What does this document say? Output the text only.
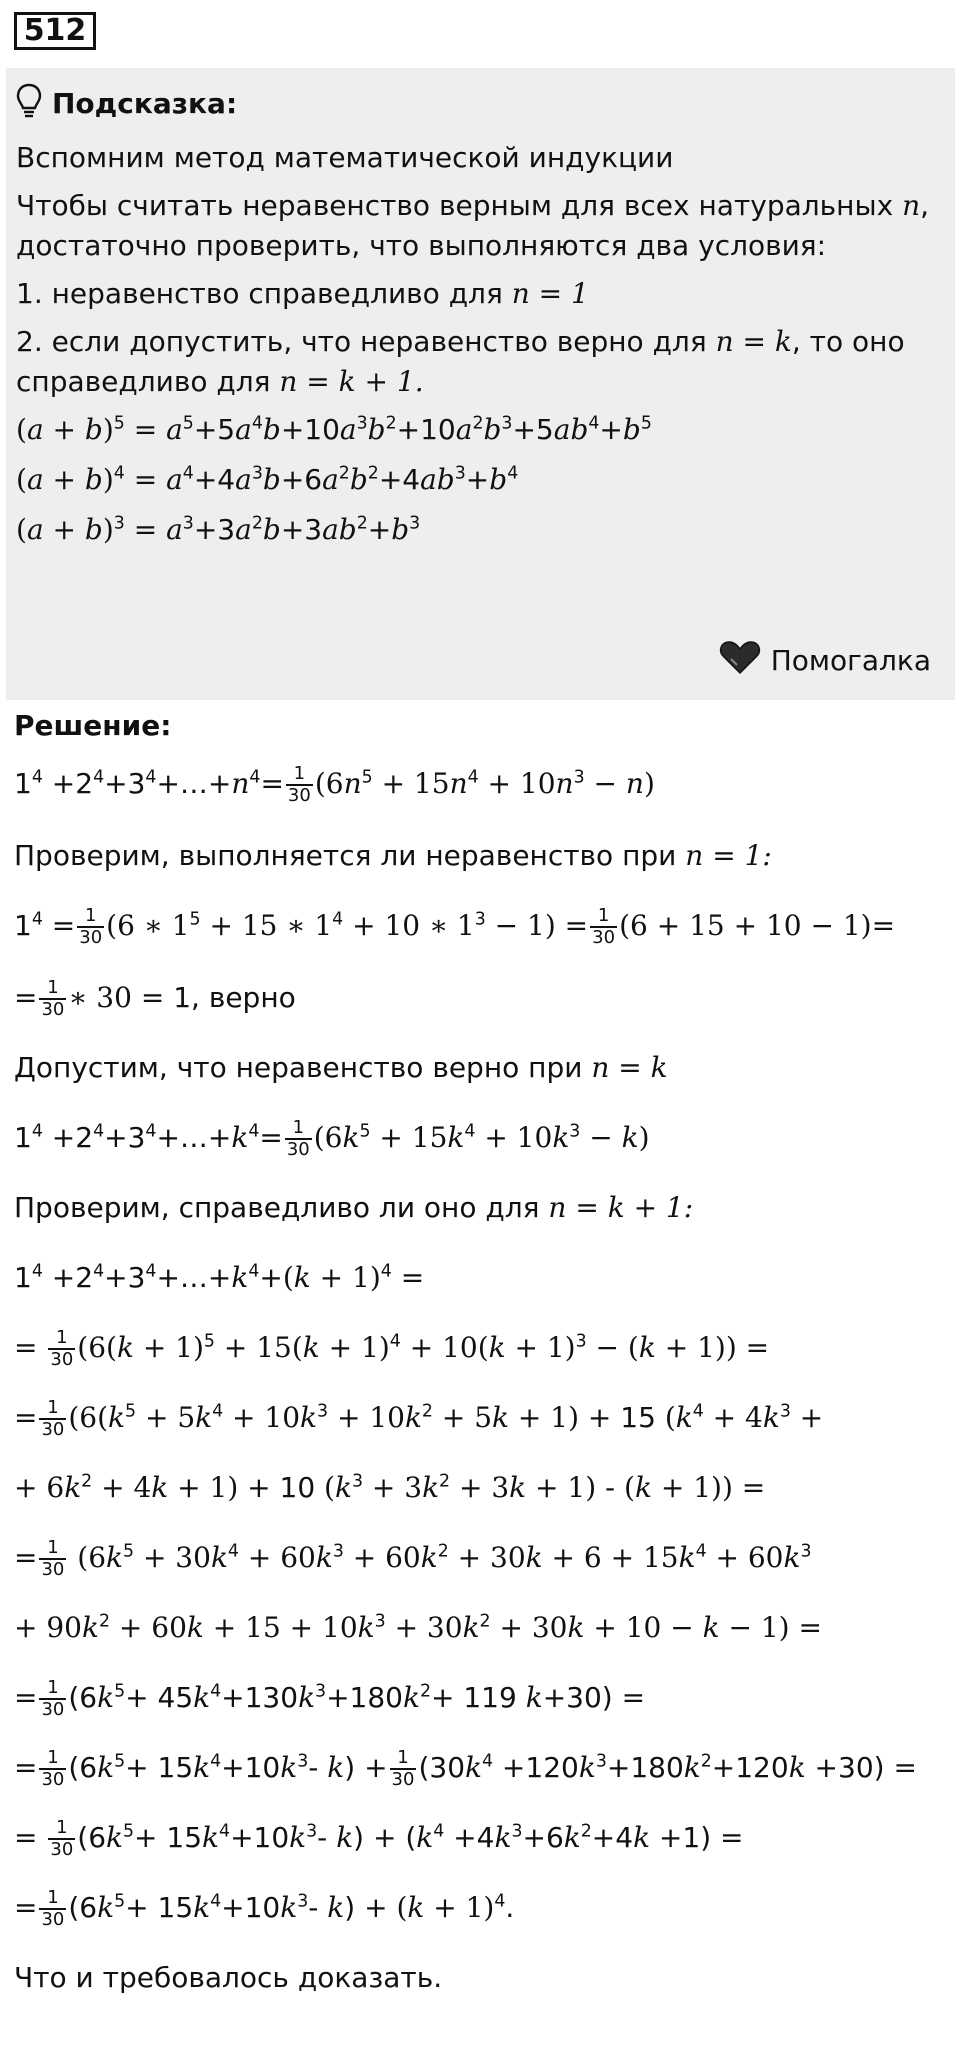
512
Подсказка:
Вспомним метод математической индукции
Чтобы считать неравенство верным для всех натуральных n,
достаточно проверить, что выполняются два условия:
1. неравенство справедливо для n = 1
2. если допустить, что неравенство верно для n = k, то оно
справедливо для n = k + 1.
$(a + b)^5 = a^5+5a^4b+10a^3b^2+10a^2b^3+5ab^4+b^5$
$(a + b)^4 = a^4+4a^3b+6a^2b^2+4ab^3+b^4$
$(a + b)^3 = a^3+3a^2b+3ab^2+b^3$
Помогалка
Решение:
$1^4$ $+2^4+3^4+\dots+n^4= \frac{1}{30} (6n^5 + 15n^4 + 10n^3 - n)$
Проверим, выполняется ли неравенство при n = 1:
$1^4 = \frac{1}{30} (6$ ∗ $1^5 + 15$ ∗ $1^4 + 10$ ∗ $1^3 - 1) = \frac{1}{30} (6 + 15 + 10 - 1)=$
= $\frac{1}{30}$ ∗ 30 = 1, верно
Допустим, что неравенство верно при n = k
$1^4$ $+2^4+3^4+\dots+k^4= \frac{1}{30} (6k^5 + 15k^4 + 10k^3 - k)$
Проверим, справедливо ли оно для n = k + 1:
$1^4$ $+2^4+3^4+\dots+k^4+(k + 1)^4$ =
= $\frac{1}{30} (6(k + 1)^5 + 15(k + 1)^4 + 10(k + 1)^3 - (k + 1))$ =
= $\frac{1}{30} (6(k^5 + 5k^4 + 10k^3 + 10k^2 + 5k + 1) + 15$ ($k^4 + 4k^3$ +
+ $6k^2 + 4k + 1) + 10$ $(k^3 + 3k^2 + 3k + 1) - (k + 1)$) =
= $\frac{1}{30} (6k^5 + 30k^4 + 60k^3 + 60k^2 + 30k + 6 + 15k^4 + 60k^3$
+ $90k^2 + 60k + 15 + 10k^3 + 30k^2 + 30k + 10 - k - 1$) =
= $\frac{1}{30} (6k^5+ 45k^4+130k^3+180k^2+ 119$ k+30) =
= $\frac{1}{30} (6k^5+ 15k^4+10k^3-$ $k) + \frac{1}{30} (30k^4 +120k^3+180k^2+120k +30)$ =
= $\frac{1}{30} (6k^5+ 15k^4+10k^3-$ $k) + (k^4 +4k^3+6k^2+4k +1)$ =
= $\frac{1}{30} (6k^5+ 15k^4+10k^3-$ $k) + (k + 1)^4$.
Что и требовалось доказать.
